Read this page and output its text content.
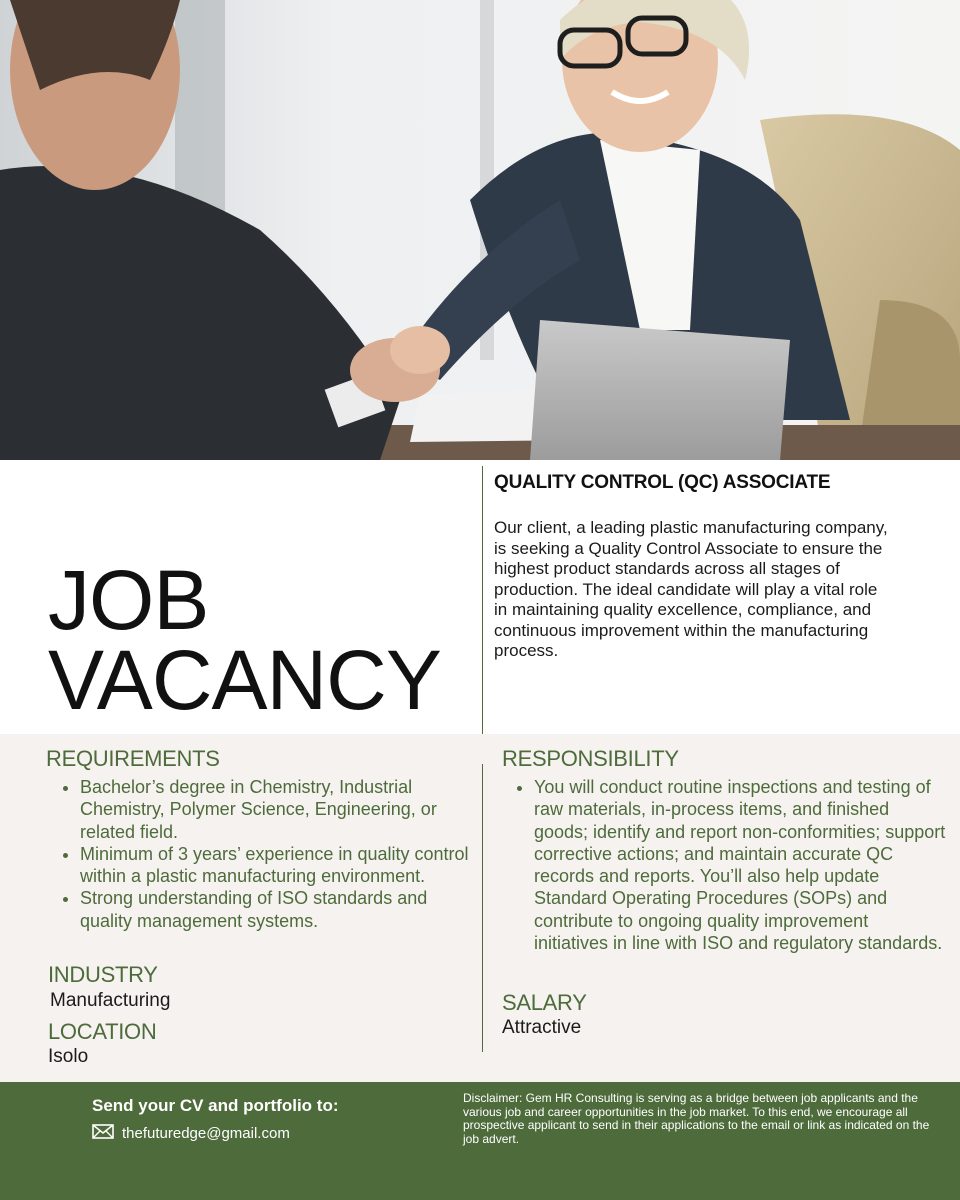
JOB
VACANCY
QUALITY CONTROL (QC) ASSOCIATE
Our client, a leading plastic manufacturing company, is seeking a Quality Control Associate to ensure the highest product standards across all stages of production. The ideal candidate will play a vital role in maintaining quality excellence, compliance, and continuous improvement within the manufacturing process.
REQUIREMENTS
• Bachelor’s degree in Chemistry, Industrial Chemistry, Polymer Science, Engineering, or related field.
• Minimum of 3 years’ experience in quality control within a plastic manufacturing environment.
• Strong understanding of ISO standards and quality management systems.
INDUSTRY
Manufacturing
LOCATION
Isolo
RESPONSIBILITY
• You will conduct routine inspections and testing of raw materials, in-process items, and finished goods; identify and report non-conformities; support corrective actions; and maintain accurate QC records and reports. You’ll also help update Standard Operating Procedures (SOPs) and contribute to ongoing quality improvement initiatives in line with ISO and regulatory standards.
SALARY
Attractive
Send your CV and portfolio to:
thefuturedge@gmail.com
Disclaimer: Gem HR Consulting is serving as a bridge between job applicants and the various job and career opportunities in the job market. To this end, we encourage all prospective applicant to send in their applications to the email or link as indicated on the job advert.
